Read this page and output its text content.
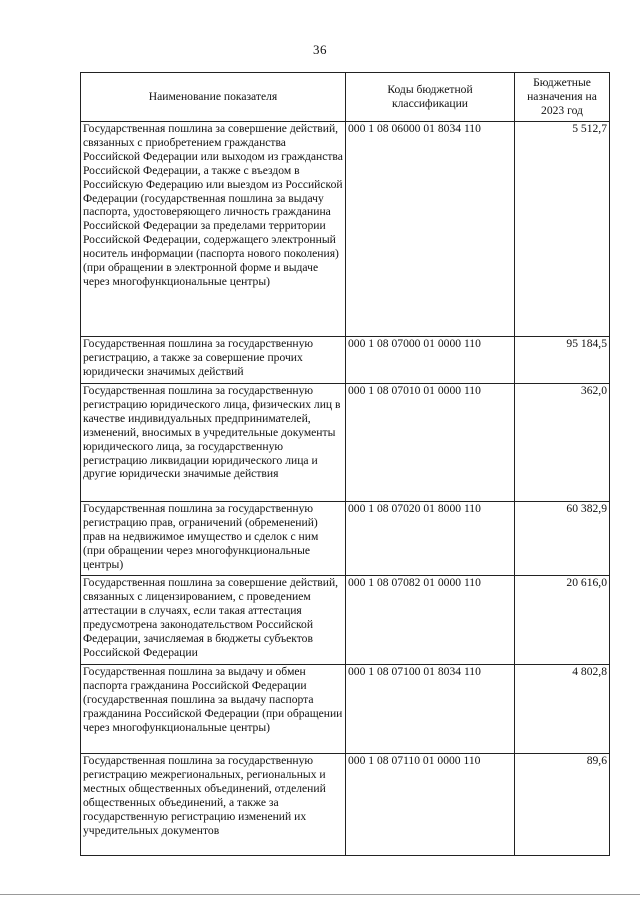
36
Наименование показателя	Коды бюджетной классификации	Бюджетные назначения на 2023 год
Государственная пошлина за совершение действий, связанных с приобретением гражданства Российской Федерации или выходом из гражданства Российской Федерации, а также с въездом в Российскую Федерацию или выездом из Российской Федерации (государственная пошлина за выдачу паспорта, удостоверяющего личность гражданина Российской Федерации за пределами территории Российской Федерации, содержащего электронный носитель информации (паспорта нового поколения) (при обращении в электронной форме и выдаче через многофункциональные центры)	000 1 08 06000 01 8034 110	5 512,7
Государственная пошлина за государственную регистрацию, а также за совершение прочих юридически значимых действий	000 1 08 07000 01 0000 110	95 184,5
Государственная пошлина за государственную регистрацию юридического лица, физических лиц в качестве индивидуальных предпринимателей, изменений, вносимых в учредительные документы юридического лица, за государственную регистрацию ликвидации юридического лица и другие юридически значимые действия	000 1 08 07010 01 0000 110	362,0
Государственная пошлина за государственную регистрацию прав, ограничений (обременений) прав на недвижимое имущество и сделок с ним (при обращении через многофункциональные центры)	000 1 08 07020 01 8000 110	60 382,9
Государственная пошлина за совершение действий, связанных с лицензированием, с проведением аттестации в случаях, если такая аттестация предусмотрена законодательством Российской Федерации, зачисляемая в бюджеты субъектов Российской Федерации	000 1 08 07082 01 0000 110	20 616,0
Государственная пошлина за выдачу и обмен паспорта гражданина Российской Федерации (государственная пошлина за выдачу паспорта гражданина Российской Федерации (при обращении через многофункциональные центры)	000 1 08 07100 01 8034 110	4 802,8
Государственная пошлина за государственную регистрацию межрегиональных, региональных и местных общественных объединений, отделений общественных объединений, а также за государственную регистрацию изменений их учредительных документов	000 1 08 07110 01 0000 110	89,6
